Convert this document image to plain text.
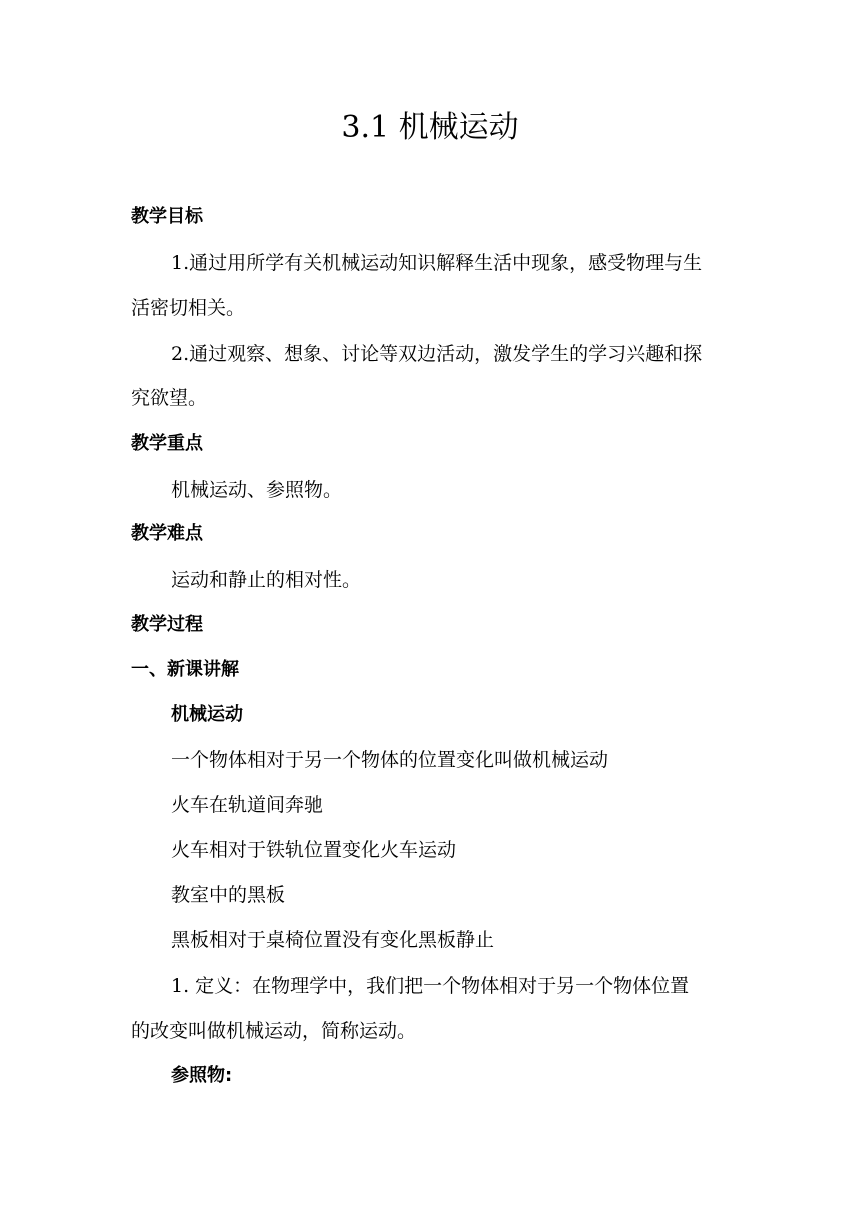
3.1 机械运动

教学目标

1.通过用所学有关机械运动知识解释生活中现象，感受物理与生

活密切相关。

2.通过观察、想象、讨论等双边活动，激发学生的学习兴趣和探

究欲望。

教学重点

机械运动、参照物。

教学难点

运动和静止的相对性。

教学过程

一、新课讲解

机械运动

一个物体相对于另一个物体的位置变化叫做机械运动

火车在轨道间奔驰

火车相对于铁轨位置变化火车运动

教室中的黑板

黑板相对于桌椅位置没有变化黑板静止

1. 定义：在物理学中，我们把一个物体相对于另一个物体位置

的改变叫做机械运动，简称运动。

参照物:
